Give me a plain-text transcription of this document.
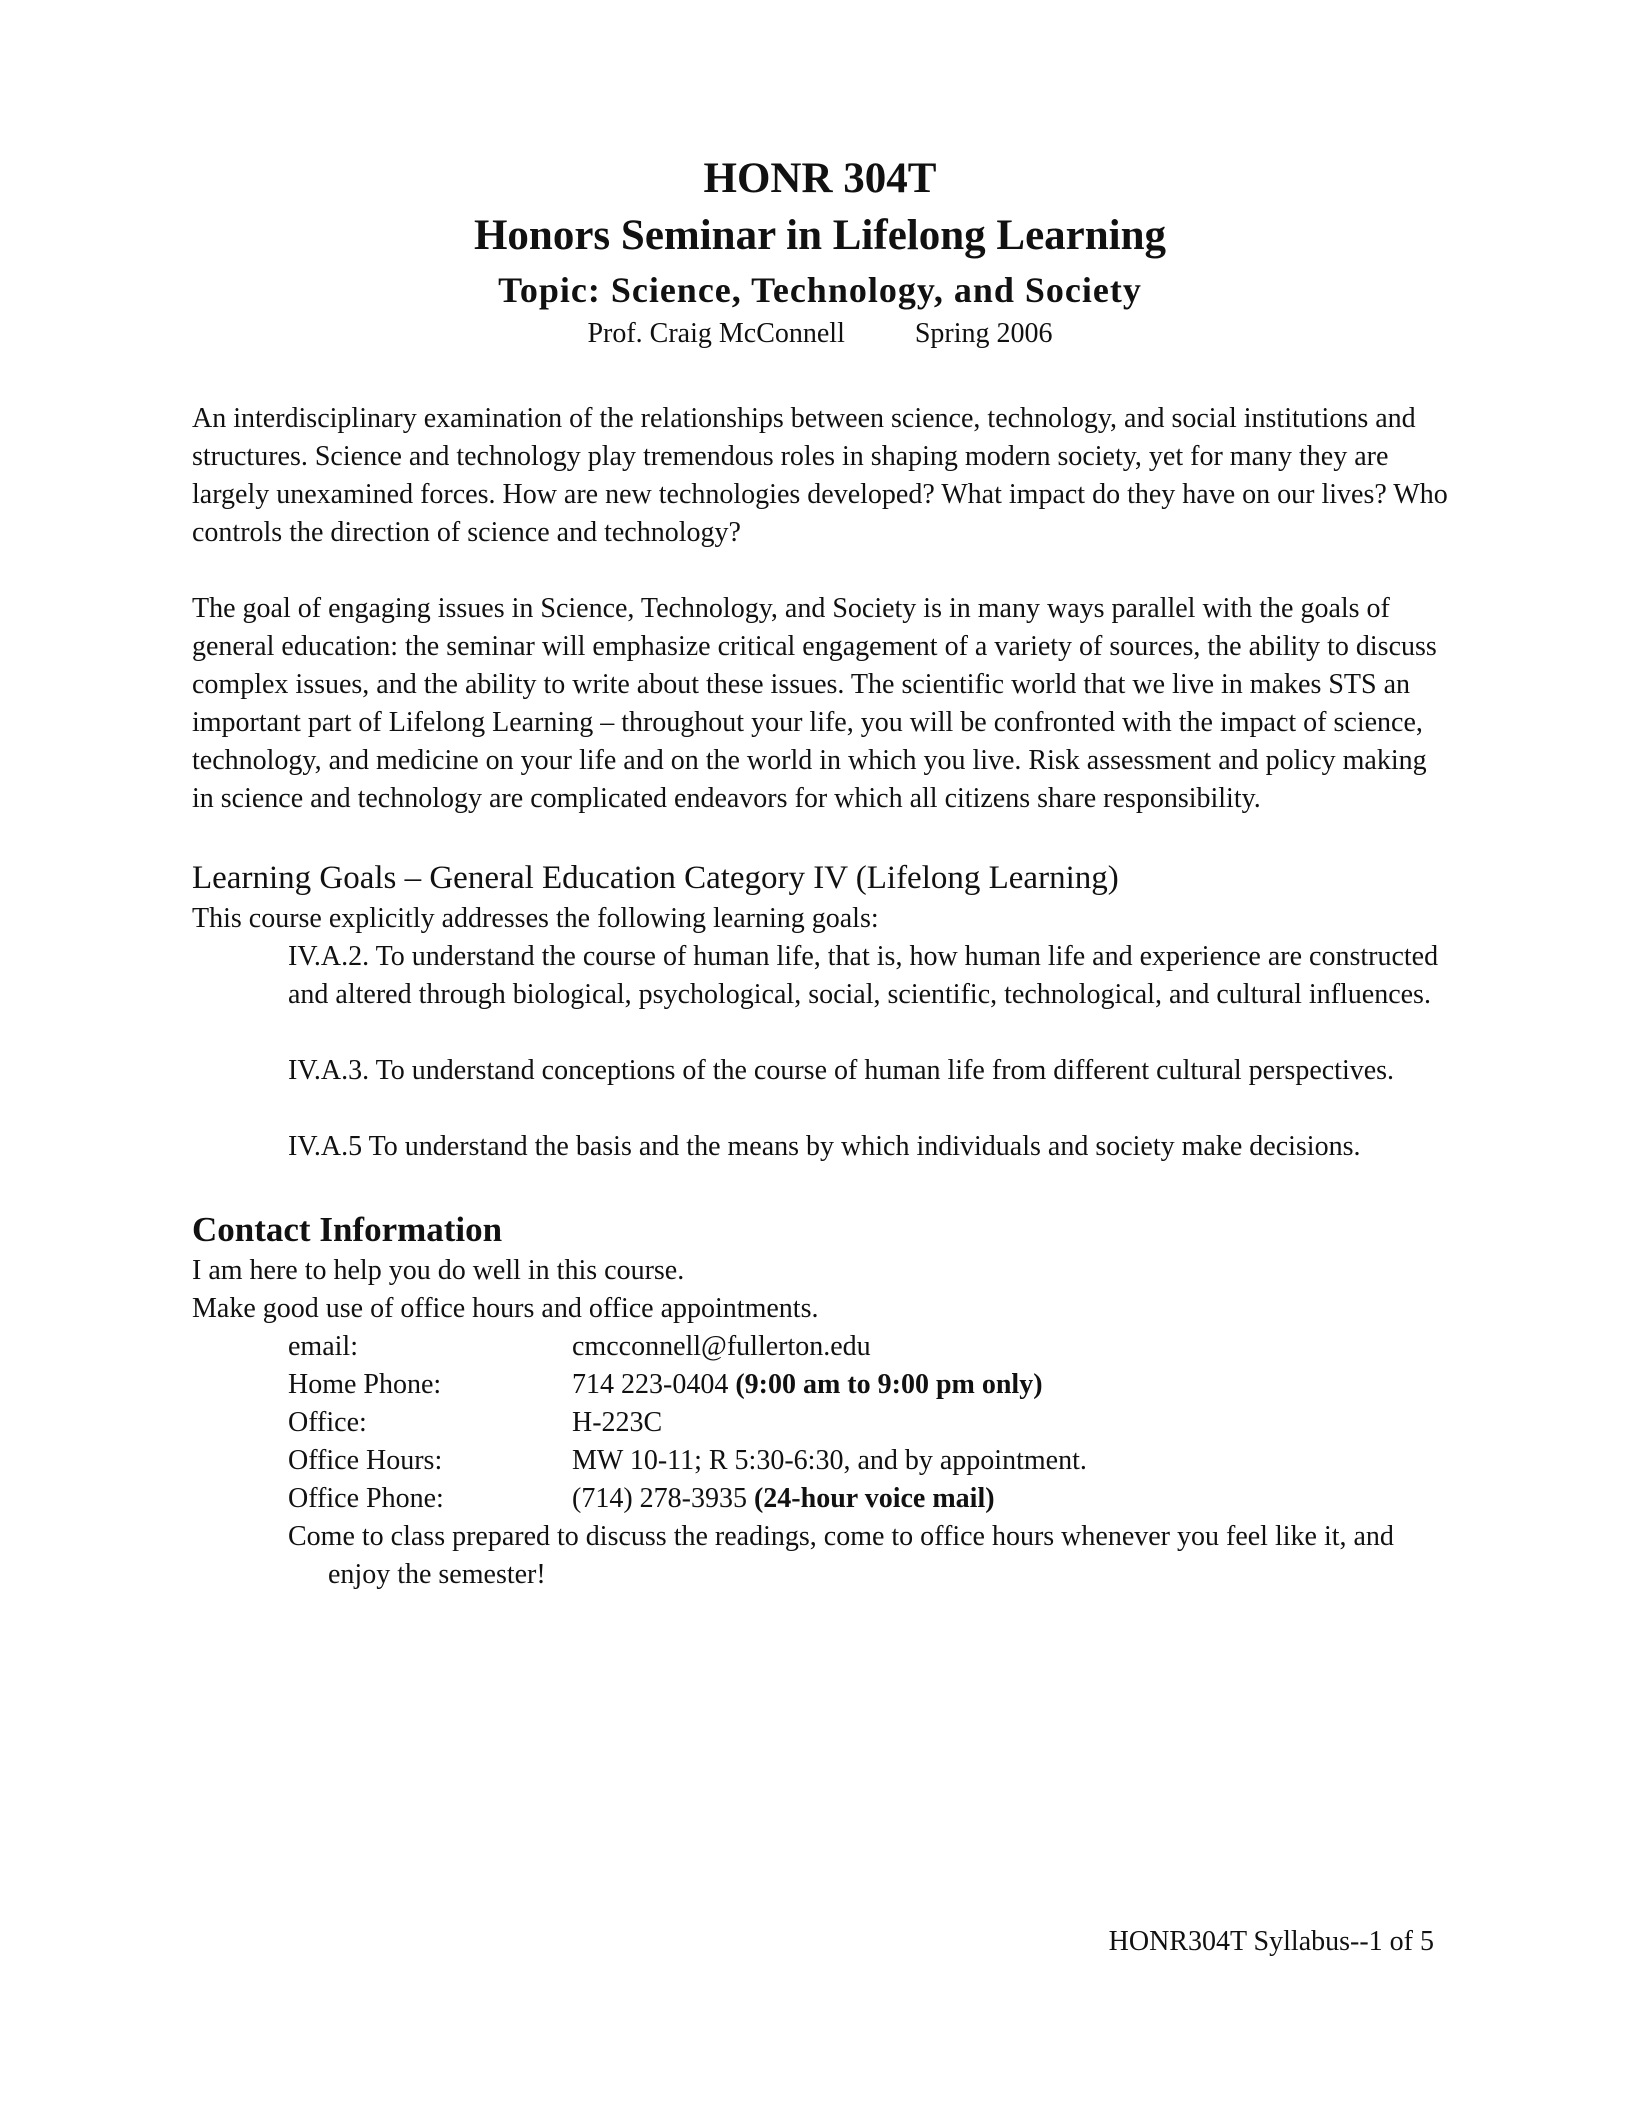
HONR 304T
Honors Seminar in Lifelong Learning
Topic: Science, Technology, and Society
Prof. Craig McConnell	Spring 2006

An interdisciplinary examination of the relationships between science, technology, and social institutions and structures. Science and technology play tremendous roles in shaping modern society, yet for many they are largely unexamined forces. How are new technologies developed? What impact do they have on our lives? Who controls the direction of science and technology?

The goal of engaging issues in Science, Technology, and Society is in many ways parallel with the goals of general education: the seminar will emphasize critical engagement of a variety of sources, the ability to discuss complex issues, and the ability to write about these issues. The scientific world that we live in makes STS an important part of Lifelong Learning – throughout your life, you will be confronted with the impact of science, technology, and medicine on your life and on the world in which you live. Risk assessment and policy making in science and technology are complicated endeavors for which all citizens share responsibility.

Learning Goals – General Education Category IV (Lifelong Learning)

This course explicitly addresses the following learning goals:

IV.A.2. To understand the course of human life, that is, how human life and experience are constructed and altered through biological, psychological, social, scientific, technological, and cultural influences.
IV.A.3. To understand conceptions of the course of human life from different cultural perspectives.
IV.A.5 To understand the basis and the means by which individuals and society make decisions.
Contact Information

I am here to help you do well in this course.

Make good use of office hours and office appointments.

email:	cmcconnell@fullerton.edu
Home Phone:	714 223-0404 (9:00 am to 9:00 pm only)
Office:	H-223C
Office Hours:	MW 10-11; R 5:30-6:30, and by appointment.
Office Phone:	(714) 278-3935 (24-hour voice mail)
Come to class prepared to discuss the readings, come to office hours whenever you feel like it, and enjoy the semester!
HONR304T Syllabus--1 of 5
